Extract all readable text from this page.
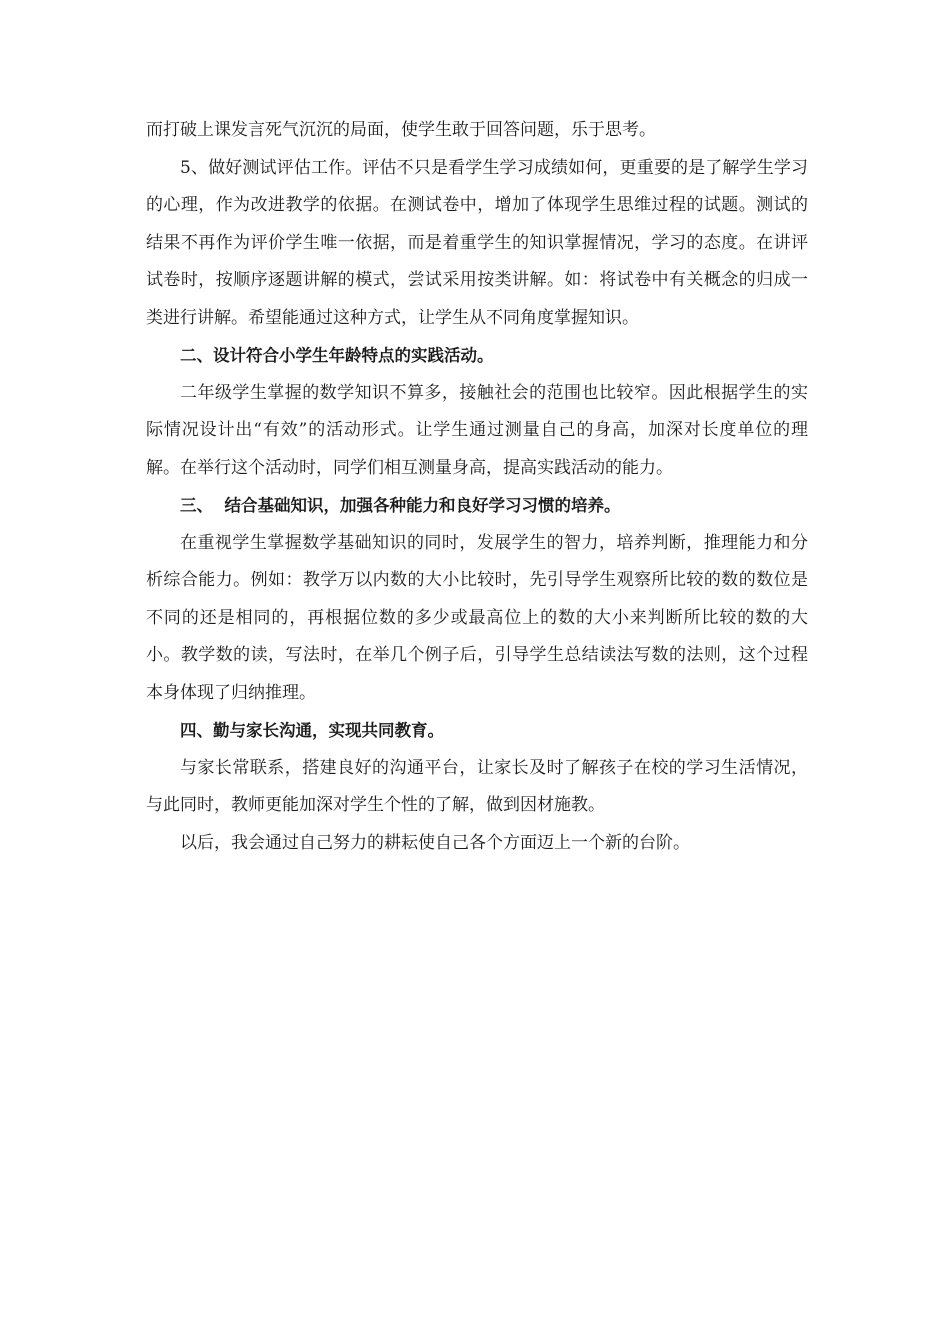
而打破上课发言死气沉沉的局面，使学生敢于回答问题，乐于思考。

5、做好测试评估工作。评估不只是看学生学习成绩如何，更重要的是了解学生学习的心理，作为改进教学的依据。在测试卷中，增加了体现学生思维过程的试题。测试的结果不再作为评价学生唯一依据，而是着重学生的知识掌握情况，学习的态度。在讲评试卷时，按顺序逐题讲解的模式，尝试采用按类讲解。如：将试卷中有关概念的归成一类进行讲解。希望能通过这种方式，让学生从不同角度掌握知识。

二、设计符合小学生年龄特点的实践活动。

二年级学生掌握的数学知识不算多，接触社会的范围也比较窄。因此根据学生的实际情况设计出“有效”的活动形式。让学生通过测量自己的身高，加深对长度单位的理解。在举行这个活动时，同学们相互测量身高，提高实践活动的能力。

三、  结合基础知识，加强各种能力和良好学习习惯的培养。

在重视学生掌握数学基础知识的同时，发展学生的智力，培养判断，推理能力和分析综合能力。例如：教学万以内数的大小比较时，先引导学生观察所比较的数的数位是不同的还是相同的，再根据位数的多少或最高位上的数的大小来判断所比较的数的大小。教学数的读，写法时，在举几个例子后，引导学生总结读法写数的法则，这个过程本身体现了归纳推理。

四、勤与家长沟通，实现共同教育。

与家长常联系，搭建良好的沟通平台，让家长及时了解孩子在校的学习生活情况，与此同时，教师更能加深对学生个性的了解，做到因材施教。

以后，我会通过自己努力的耕耘使自己各个方面迈上一个新的台阶。
